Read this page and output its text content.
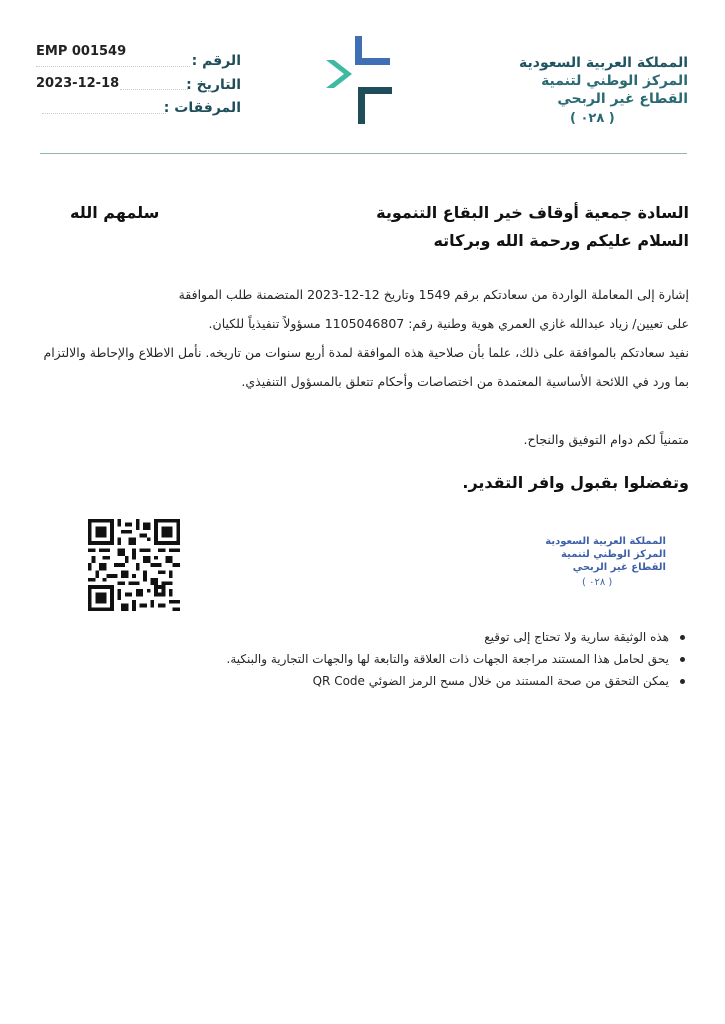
EMP 001549
2023-12-18
الرقم :
التاريخ :
المرفقات :
المملكة العربية السعودية
المركز الوطني لتنمية
القطاع غير الربحي
( ٠٢٨ )
السادة جمعية أوقاف خير البقاع التنموية
سلمهم الله
السلام عليكم ورحمة الله وبركاته
إشارة إلى المعاملة الواردة من سعادتكم برقم 1549 وتاريخ 12-12-2023 المتضمنة طلب الموافقة
على تعيين/ زياد عبدالله غازي العمري هوية وطنية رقم: 1105046807 مسؤولاً تنفيذياً للكيان.
نفيد سعادتكم بالموافقة على ذلك، علما بأن صلاحية هذه الموافقة لمدة أربع سنوات من تاريخه. نأمل الاطلاع والإحاطة والالتزام
بما ورد في اللائحة الأساسية المعتمدة من اختصاصات وأحكام تتعلق بالمسؤول التنفيذي.
متمنياً لكم دوام التوفيق والنجاح.
وتفضلوا بقبول وافر التقدير.
المملكة العربية السعودية
المركز الوطني لتنمية
القطاع غير الربحي
( ٠٢٨ )
هذه الوثيقة سارية ولا تحتاج إلى توقيع
يحق لحامل هذا المستند مراجعة الجهات ذات العلاقة والتابعة لها والجهات التجارية والبنكية.
يمكن التحقق من صحة المستند من خلال مسح الرمز الضوئي QR Code
